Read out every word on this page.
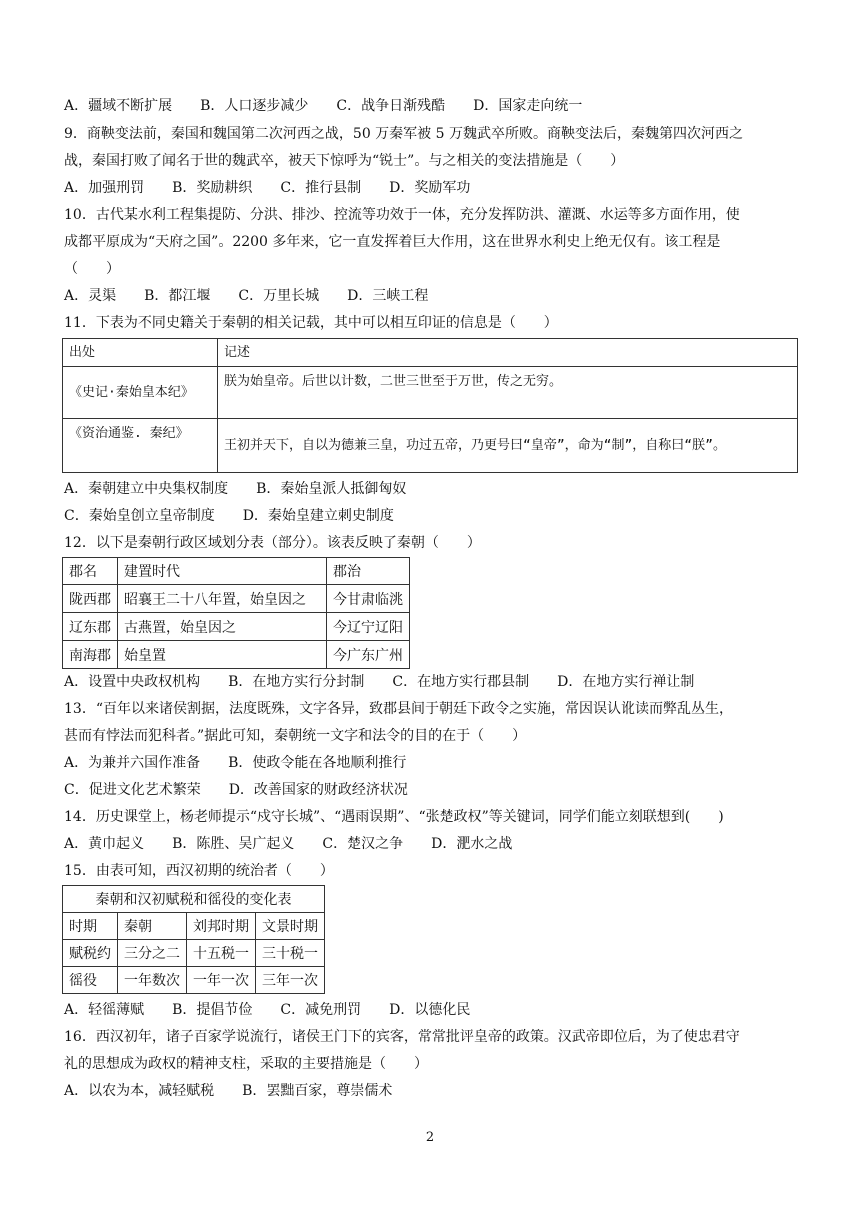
A．疆域不断扩展　　B．人口逐步减少　　C．战争日渐残酷　　D．国家走向统一
9．商鞅变法前，秦国和魏国第二次河西之战，50 万秦军被 5 万魏武卒所败。商鞅变法后，秦魏第四次河西之
战，秦国打败了闻名于世的魏武卒，被天下惊呼为“锐士”。与之相关的变法措施是（　　）
A．加强刑罚　　B．奖励耕织　　C．推行县制　　D．奖励军功
10．古代某水利工程集提防、分洪、排沙、控流等功效于一体，充分发挥防洪、灌溉、水运等多方面作用，使
成都平原成为“天府之国”。2200 多年来，它一直发挥着巨大作用，这在世界水利史上绝无仅有。该工程是
（　　）
A．灵渠　　B．都江堰　　C．万里长城　　D．三峡工程
11．下表为不同史籍关于秦朝的相关记载，其中可以相互印证的信息是（　　）
出处	记述
《史记·秦始皇本纪》	朕为始皇帝。后世以计数，二世三世至于万世，传之无穷。
《资治通鉴. 秦纪》	王初并天下，自以为德兼三皇，功过五帝，乃更号曰“皇帝”，命为“制”，自称曰“朕”。
A．秦朝建立中央集权制度　　B．秦始皇派人抵御匈奴
C．秦始皇创立皇帝制度　　D．秦始皇建立刺史制度
12．以下是秦朝行政区域划分表（部分）。该表反映了秦朝（　　）
郡名	建置时代	郡治
陇西郡	昭襄王二十八年置，始皇因之	今甘肃临洮
辽东郡	古燕置，始皇因之	今辽宁辽阳
南海郡	始皇置	今广东广州
A．设置中央政权机构　　B．在地方实行分封制　　C．在地方实行郡县制　　D．在地方实行禅让制
13．“百年以来诸侯割据，法度既殊，文字各异，致郡县间于朝廷下政令之实施，常因误认讹读而弊乱丛生，
甚而有悖法而犯科者。”据此可知，秦朝统一文字和法令的目的在于（　　）
A．为兼并六国作准备　　B．使政令能在各地顺利推行
C．促进文化艺术繁荣　　D．改善国家的财政经济状况
14．历史课堂上，杨老师提示“戍守长城”、“遇雨误期”、“张楚政权”等关键词，同学们能立刻联想到(　　)
A．黄巾起义　　B．陈胜、吴广起义　　C．楚汉之争　　D．淝水之战
15．由表可知，西汉初期的统治者（　　）
秦朝和汉初赋税和徭役的变化表			
时期	秦朝	刘邦时期	文景时期
赋税约	三分之二	十五税一	三十税一
徭役	一年数次	一年一次	三年一次
A．轻徭薄赋　　B．提倡节俭　　C．减免刑罚　　D．以德化民
16．西汉初年，诸子百家学说流行，诸侯王门下的宾客，常常批评皇帝的政策。汉武帝即位后，为了使忠君守
礼的思想成为政权的精神支柱，采取的主要措施是（　　）
A．以农为本，减轻赋税　　B．罢黜百家，尊崇儒术
2
